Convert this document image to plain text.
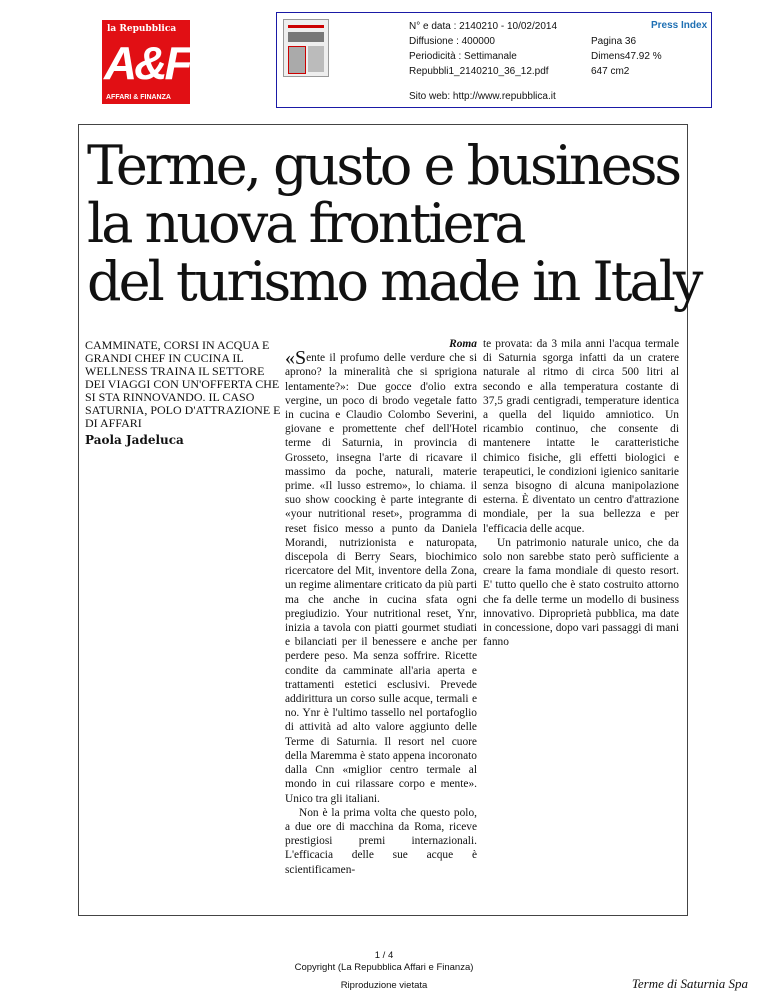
la Repubblica
A&F
AFFARI & FINANZA
N° e data : 2140210 - 10/02/2014
Diffusione : 400000
Periodicità : Settimanale
Repubbli1_2140210_36_12.pdf
Press Index
Pagina 36
Dimens47.92 %
647 cm2
Sito web: http://www.repubblica.it
Terme, gusto e business
la nuova frontiera
del turismo made in Italy
CAMMINATE, CORSI IN ACQUA E GRANDI CHEF IN CUCINA IL WELLNESS TRAINA IL SETTORE DEI VIAGGI CON UN'OFFERTA CHE SI STA RINNOVANDO. IL CASO SATURNIA, POLO D'ATTRAZIONE E DI AFFARI
Paola Jadeluca
Roma
«Sente il profumo delle verdure che si aprono? la mineralità che si sprigiona lentamente?»: Due gocce d'olio extra vergine, un poco di brodo vegetale fatto in cucina e Claudio Colombo Severini, giovane e promettente chef dell'Hotel terme di Saturnia, in provincia di Grosseto, insegna l'arte di ricavare il massimo da poche, naturali, materie prime. «Il lusso estremo», lo chiama. il suo show coocking è parte integrante di «your nutritional reset», programma di reset fisico messo a punto da Daniela Morandi, nutrizionista e naturopata, discepola di Berry Sears, biochimico ricercatore del Mit, inventore della Zona, un regime alimentare criticato da più parti ma che anche in cucina sfata ogni pregiudizio. Your nutritional reset, Ynr, inizia a tavola con piatti gourmet studiati e bilanciati per il benessere e anche per perdere peso. Ma senza soffrire. Ricette condite da camminate all'aria aperta e trattamenti estetici esclusivi. Prevede addirittura un corso sulle acque, termali e no. Ynr è l'ultimo tassello nel portafoglio di attività ad alto valore aggiunto delle Terme di Saturnia. Il resort nel cuore della Maremma è stato appena incoronato dalla Cnn «miglior centro termale al mondo in cui rilassare corpo e mente». Unico tra gli italiani.
Non è la prima volta che questo polo, a due ore di macchina da Roma, riceve prestigiosi premi internazionali. L'efficacia delle sue acque è scientificamen-
te provata: da 3 mila anni l'acqua termale di Saturnia sgorga infatti da un cratere naturale al ritmo di circa 500 litri al secondo e alla temperatura costante di 37,5 gradi centigradi, temperature identica a quella del liquido amniotico. Un ricambio continuo, che consente di mantenere intatte le caratteristiche chimico fisiche, gli effetti biologici e terapeutici, le condizioni igienico sanitarie senza bisogno di alcuna manipolazione esterna. È diventato un centro d'attrazione mondiale, per la sua bellezza e per l'efficacia delle acque.
Un patrimonio naturale unico, che da solo non sarebbe stato però sufficiente a creare la fama mondiale di questo resort. E' tutto quello che è stato costruito attorno che fa delle terme un modello di business innovativo. Diproprietà pubblica, ma date in concessione, dopo vari passaggi di mani fanno
1 / 4
Copyright (La Repubblica Affari e Finanza)
Riproduzione vietata	Terme di Saturnia Spa
